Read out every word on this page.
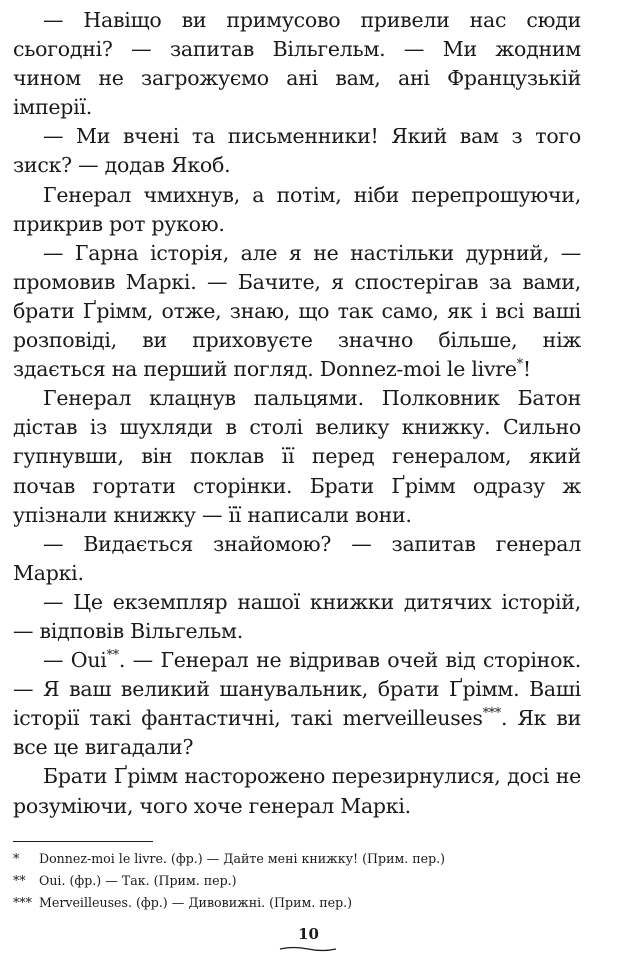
— Навіщо ви примусово привели нас сюди сьогодні? — запитав Вільгельм. — Ми жодним чином не загрожуємо ані вам, ані Французькій імперії.

— Ми вчені та письменники! Який вам з того зиск? — додав Якоб.

Генерал чмихнув, а потім, ніби перепрошуючи, прикрив рот рукою.

— Гарна історія, але я не настільки дурний, — промовив Маркі. — Бачите, я спостерігав за вами, брати Ґрімм, отже, знаю, що так само, як і всі ваші розповіді, ви приховуєте значно більше, ніж здається на перший погляд. Donnez-moi le livre*!

Генерал клацнув пальцями. Полковник Батон дістав із шухляди в столі велику книжку. Сильно гупнувши, він поклав її перед генералом, який почав гортати сторінки. Брати Ґрімм одразу ж упізнали книжку — її написали вони.

— Видається знайомою? — запитав генерал Маркі.

— Це екземпляр нашої книжки дитячих історій, — відповів Вільгельм.

— Oui**. — Генерал не відривав очей від сторінок. — Я ваш великий шанувальник, брати Ґрімм. Ваші історії такі фантастичні, такі merveilleuses***. Як ви все це вигадали?

Брати Ґрімм насторожено перезирнулися, досі не розуміючи, чого хоче генерал Маркі.

*	Donnez-moi le livre. (фр.) — Дайте мені книжку! (Прим. пер.)
**	Oui. (фр.) — Так. (Прим. пер.)
*** Merveilleuses. (фр.) — Дивовижні. (Прим. пер.)
10
